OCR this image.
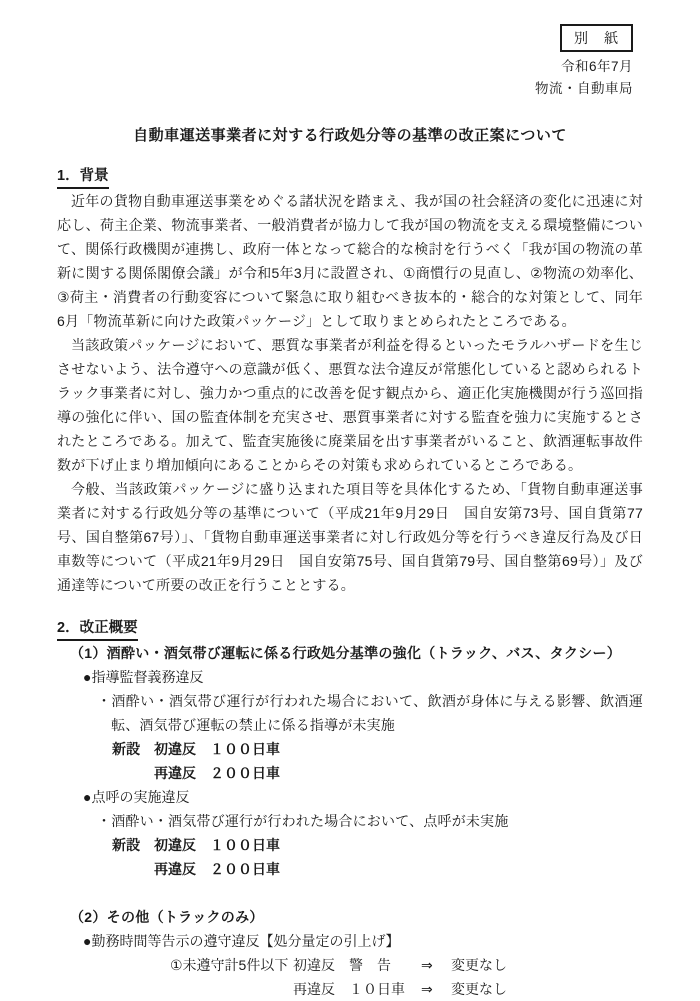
別　紙
令和6年7月
物流・自動車局
自動車運送事業者に対する行政処分等の基準の改正案について
1．背景

近年の貨物自動車運送事業をめぐる諸状況を踏まえ、我が国の社会経済の変化に迅速に対応し、荷主企業、物流事業者、一般消費者が協力して我が国の物流を支える環境整備について、関係行政機関が連携し、政府一体となって総合的な検討を行うべく「我が国の物流の革新に関する関係閣僚会議」が令和5年3月に設置され、①商慣行の見直し、②物流の効率化、③荷主・消費者の行動変容について緊急に取り組むべき抜本的・総合的な対策として、同年6月「物流革新に向けた政策パッケージ」として取りまとめられたところである。

当該政策パッケージにおいて、悪質な事業者が利益を得るといったモラルハザードを生じさせないよう、法令遵守への意識が低く、悪質な法令違反が常態化していると認められるトラック事業者に対し、強力かつ重点的に改善を促す観点から、適正化実施機関が行う巡回指導の強化に伴い、国の監査体制を充実させ、悪質事業者に対する監査を強力に実施するとされたところである。加えて、監査実施後に廃業届を出す事業者がいること、飲酒運転事故件数が下げ止まり増加傾向にあることからその対策も求められているところである。

今般、当該政策パッケージに盛り込まれた項目等を具体化するため、「貨物自動車運送事業者に対する行政処分等の基準について（平成21年9月29日　国自安第73号、国自貨第77号、国自整第67号）」、「貨物自動車運送事業者に対し行政処分等を行うべき違反行為及び日車数等について（平成21年9月29日　国自安第75号、国自貨第79号、国自整第69号）」及び通達等について所要の改正を行うこととする。

2．改正概要
（1）酒酔い・酒気帯び運転に係る行政処分基準の強化（トラック、バス、タクシー）
●指導監督義務違反
・酒酔い・酒気帯び運行が行われた場合において、飲酒が身体に与える影響、飲酒運転、酒気帯び運転の禁止に係る指導が未実施
新設 初違反 １００日車
再違反 ２００日車
●点呼の実施違反
・酒酔い・酒気帯び運行が行われた場合において、点呼が未実施
新設 初違反 １００日車
再違反 ２００日車
（2）その他（トラックのみ）
●勤務時間等告示の遵守違反【処分量定の引上げ】
①未遵守計5件以下 初違反 警　告 ⇒ 変更なし
再違反 １０日車 ⇒ 変更なし
